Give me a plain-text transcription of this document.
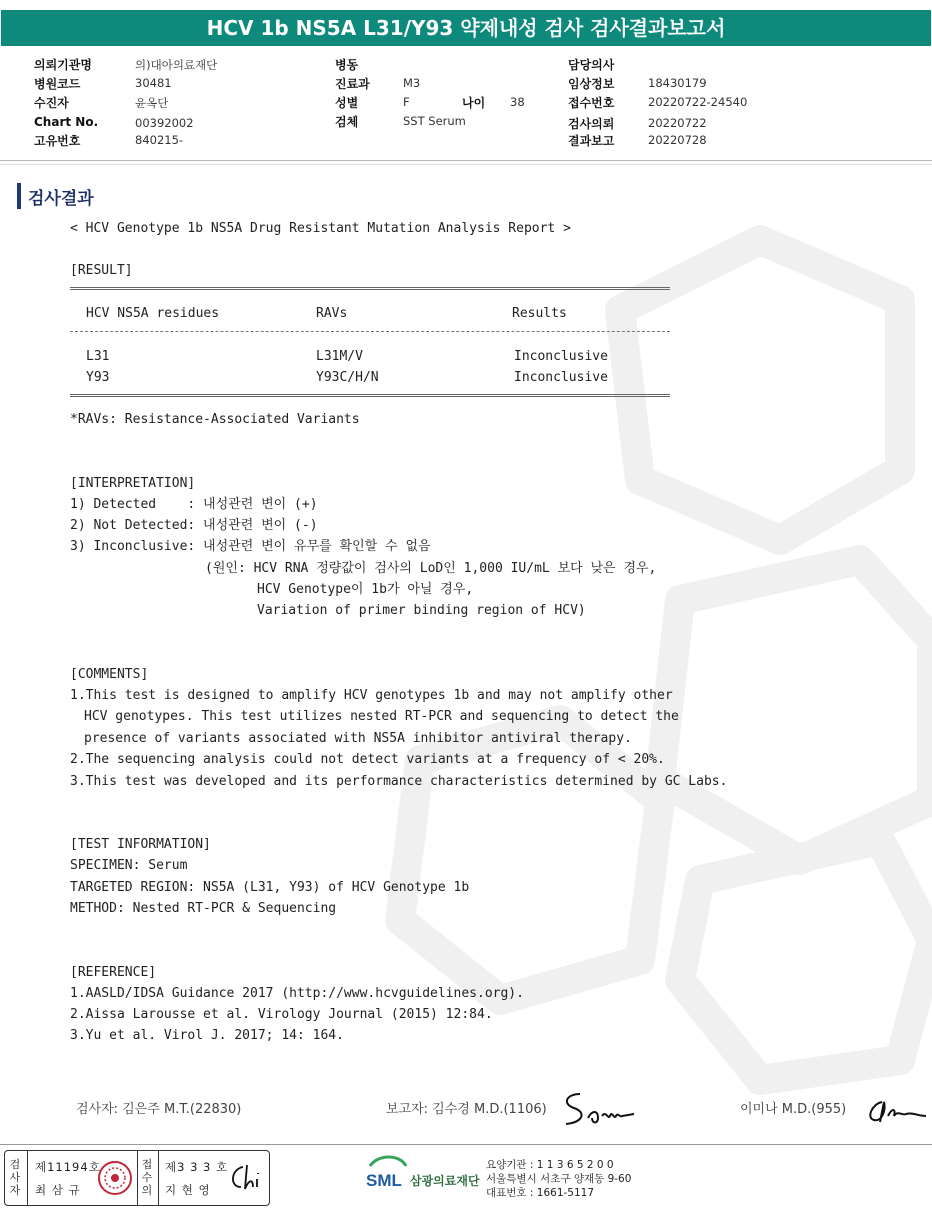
HCV 1b NS5A L31/Y93 약제내성 검사 검사결과보고서
의뢰기관명	의)대아의료재단
병원코드	30481
수진자	윤옥단
Chart No.	00392002
고유번호	840215-
병동
진료과	M3
성별	F	나이 38
검체	SST Serum
담당의사
임상정보	18430179
접수번호	20220722-24540
검사의뢰	20220722
결과보고	20220728
검사결과
< HCV Genotype 1b NS5A Drug Resistant Mutation Analysis Report >
[RESULT]
HCV NS5A residues	RAVs	Results
L31	L31M/V	Inconclusive
Y93	Y93C/H/N	Inconclusive
*RAVs: Resistance-Associated Variants
[INTERPRETATION]
1) Detected    : 내성관련 변이 (+)
2) Not Detected: 내성관련 변이 (-)
3) Inconclusive: 내성관련 변이 유무를 확인할 수 없음
(원인: HCV RNA 정량값이 검사의 LoD인 1,000 IU/mL 보다 낮은 경우,
HCV Genotype이 1b가 아닐 경우,
Variation of primer binding region of HCV)
[COMMENTS]
1.This test is designed to amplify HCV genotypes 1b and may not amplify other
HCV genotypes. This test utilizes nested RT-PCR and sequencing to detect the
presence of variants associated with NS5A inhibitor antiviral therapy.
2.The sequencing analysis could not detect variants at a frequency of < 20%.
3.This test was developed and its performance characteristics determined by GC Labs.
[TEST INFORMATION]
SPECIMEN: Serum
TARGETED REGION: NS5A (L31, Y93) of HCV Genotype 1b
METHOD: Nested RT-PCR & Sequencing
[REFERENCE]
1.AASLD/IDSA Guidance 2017 (http://www.hcvguidelines.org).
2.Aissa Larousse et al. Virology Journal (2015) 12:84.
3.Yu et al. Virol J. 2017; 14: 164.
검사자: 김은주 M.T.(22830)	보고자: 김수경 M.D.(1106)	이미나 M.D.(955)
검사자
제11194호
최 삼 규
접수의
제3 3 3 호
지 현 영	SML 삼광의료재단
요양기관 : 1 1 3 6 5 2 0 0
서울특별시 서초구 양재동 9-60
대표번호 : 1661-5117
